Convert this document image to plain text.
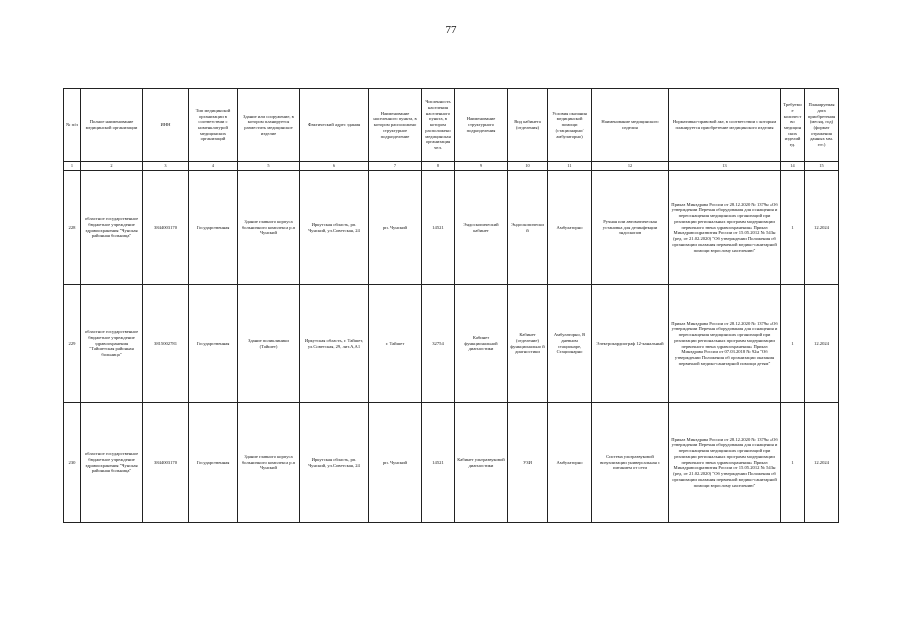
77
№ п/п	Полное наименование медицинской организации	ИНН	Тип медицинской организации в соответствии с номенклатурой медицинских организаций	Здание или сооружение, в котором планируется разместить медицинское изделие	Фактический адрес здания	Наименование населенного пункта, в котором расположено структурное подразделение	Численность населения населенного пункта, в котором расположено медицинская организация чел.	Наименование структурного подразделения	Вид кабинета (отделения)	Условия оказания медицинской помощи (стационарно/амбулаторно)	Наименование медицинского изделия	Нормативно-правовой акт, в соответствии с которым планируется приобретение медицинского изделия	Требуемое количество медицинских изделий ед.	Планируемая дата приобретения (месяц, год) (формат отражения данных мм. ггг.)
1	2	3	4	5	6	7	8	9	10	11	12	13	14	15
228	областное государственное бюджетное учреждение здравоохранения "Чунская районная больница"	3844003170	Государственная	Здание главного корпуса больничного комплекса р.п Чунский	Иркутская область, рп. Чунский, ул.Советская, 24	рп. Чунский	14521	Эндоскопический кабинет	Эндоскопически й	Амбулаторно	Ручная или автоматическая установка для дезинфекции эндоскопов	Приказ Минздрава России от 28.12.2020 № 1379н «Об утверждении Перечня оборудования для оснащения и переоснащения медицинских организаций при реализации региональных программ модернизации первичного звена здравоохранения» Приказ Минздравсоцразвития России от 15.05.2012 № 543н (ред. от 21.02.2020) "Об утверждении Положения об организации оказания первичной медико-санитарной помощи взрослому населению"	1	12.2024
229	областное государственное бюджетное учреждение здравоохранения "Тайшетская районная больница"	3815002781	Государственная	Здание поликлиники (Тайшет)	Иркутская область, г. Тайшет, ул.Советская, 29, лит.А,А1	г. Тайшет	32754	Кабинет функциональной диагностики	Кабинет (отделение) функционально й диагностики	Амбулаторно, В дневном стационаре, Стационарно	Электрокардиограф 12-канальный	Приказ Минздрава России от 28.12.2020 № 1379н «Об утверждении Перечня оборудования для оснащения и переоснащения медицинских организаций при реализации региональных программ модернизации первичного звена здравоохранения» Приказ Минздрава России от 07.03.2018 № 92н "Об утверждении Положения об организации оказания первичной медико-санитарной помощи детям"	1	12.2024
230	областное государственное бюджетное учреждение здравоохранения "Чунская районная больница"	3844003170	Государственная	Здание главного корпуса больничного комплекса р.п Чунский	Иркутская область, рп. Чунский, ул.Советская, 24	рп. Чунский	14521	Кабинет ультразвуковой диагностики	УЗИ	Амбулаторно	Система ультразвуковой визуализации универсальная с питанием от сети	Приказ Минздрава России от 28.12.2020 № 1379н «Об утверждении Перечня оборудования для оснащения и переоснащения медицинских организаций при реализации региональных программ модернизации первичного звена здравоохранения» Приказ Минздравсоцразвития России от 15.05.2012 № 543н (ред. от 21.02.2020) "Об утверждении Положения об организации оказания первичной медико-санитарной помощи взрослому населению"	1	12.2024
